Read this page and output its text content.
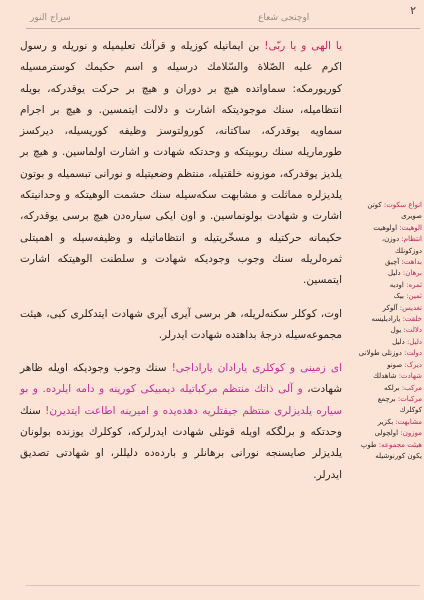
٢
سراج النور	اوچنجی شعاع

یا الهی و یا ربّی! بن ایمانیله کوزیله و قرآنك تعلیمیله و نوریله و رسول اکرم علیه الصّلاة والسّلامك درسیله و اسم حكیمك كوسترمسیله کوریورمکه: سماواتده هیچ بر دوران و هیچ بر حرکت یوقدرکه، بویله انتظامیله، سنك موجودیتكه اشارت و دلالت ایتمسین. و هیچ بر اجرام سماویه یوقدرکه، ساکتانه، کورولتوسز وظیفه کوریسیله، دیرکسز طورماریله سنك ربوبیتكه و وحدتكه شهادت و اشارت اولماسین. و هیچ بر یلدیز یوقدرکه، موزونه خلقتیله، منتظم وضعیتیله و نورانی تبسمیله و بوتون یلدیزلره مماثلت و مشابهت سكه‌سیله سنك حشمت الوهیتكه و وحدانیتكه اشارت و شهادت بولونماسین. و اون ایکی سیاره‌دن هیچ برسی یوقدرکه، حکیمانه حرکتیله و مسخّریتیله و انتظاماتیله و وظیفه‌سیله و اهمیتلی ثمره‌لریله سنك وجوب وجودیكه شهادت و سلطنت الوهیتكه اشارت ایتمسین.

اوت، کوکلر سکنه‌لریله، هر برسی آیری آیری شهادت ایتدکلری کبی، هیئت مجموعه‌سیله درجهٔ بداهتده شهادت ایدرلر.

ای زمینی و کوکلری یارادان یاراداجی! سنك وجوب وجودیكه اویله ظاهر شهادت، و آلی ذاتك منتظم مرکباتیله دیمبیکی کورینه و دامه ایلرده. و بو سیاره یلدیزلری منتظم جیفتلریه دهده‌یده و امیرینه اطاعت ایتدیرن! سنك وحدتكه و برلگكه اویله قوتلی شهادت ایدرلرکه، کوکلرك یوزنده بولونان یلدیزلر صایسنجه نورانی برهانلر و بارده‌ده دلیللر، او شهادتی تصدیق ایدرلر.

انواع سکوت: کوتن
صویری
الوهیت: اولوهیت
انتظام: دوزن،
دوزکونلك
بداهت: آچیق
برهان: دلیل
ثمره: اودیه
ثمین: بیک
تغدیس: آلوکر
خلقت: یارادیلیسه
دلالت: یول
دلیل: دلیل
دولت: دوزنلی طولانی
دیرک: صونو
شهادت: شاهدلك
مرکب: برلکه
مرکبات: برچمع
کوکلرك
مشابهت: بکزیر
موزون: اولچولی
هیئت مجموعه: طوپ
یکون کورنوشیله
